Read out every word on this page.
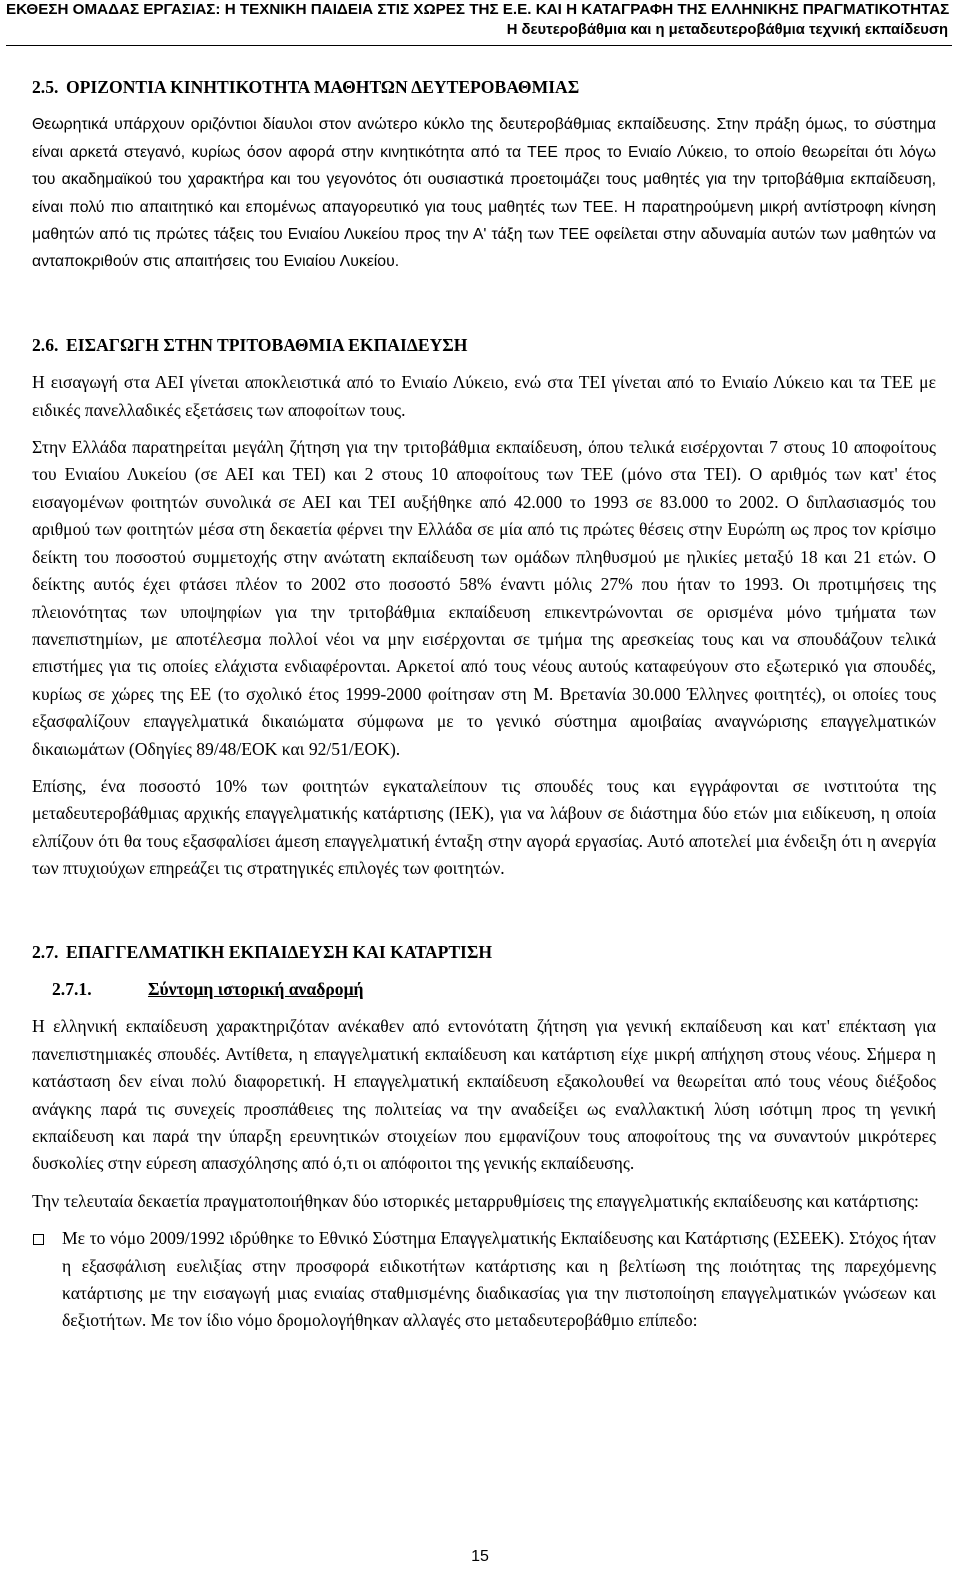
ΕΚΘΕΣΗ ΟΜΑΔΑΣ ΕΡΓΑΣΙΑΣ: Η ΤΕΧΝΙΚΗ ΠΑΙΔΕΙΑ ΣΤΙΣ ΧΩΡΕΣ ΤΗΣ Ε.Ε. ΚΑΙ Η ΚΑΤΑΓΡΑΦΗ ΤΗΣ ΕΛΛΗΝΙΚΗΣ ΠΡΑΓΜΑΤΙΚΟΤΗΤΑΣ
Η δευτεροβάθμια και η μεταδευτεροβάθμια τεχνική εκπαίδευση
2.5. ΟΡΙΖΟΝΤΙΑ ΚΙΝΗΤΙΚΟΤΗΤΑ ΜΑΘΗΤΩΝ ΔΕΥΤΕΡΟΒΑΘΜΙΑΣ

Θεωρητικά υπάρχουν οριζόντιοι δίαυλοι στον ανώτερο κύκλο της δευτεροβάθμιας εκπαίδευσης. Στην πράξη όμως, το σύστημα είναι αρκετά στεγανό, κυρίως όσον αφορά στην κινητικότητα από τα ΤΕΕ προς το Ενιαίο Λύκειο, το οποίο θεωρείται ότι λόγω του ακαδημαϊκού του χαρακτήρα και του γεγονότος ότι ουσιαστικά προετοιμάζει τους μαθητές για την τριτοβάθμια εκπαίδευση, είναι πολύ πιο απαιτητικό και επομένως απαγορευτικό για τους μαθητές των ΤΕΕ. Η παρατηρούμενη μικρή αντίστροφη κίνηση μαθητών από τις πρώτες τάξεις του Ενιαίου Λυκείου προς την Α' τάξη των ΤΕΕ οφείλεται στην αδυναμία αυτών των μαθητών να ανταποκριθούν στις απαιτήσεις του Ενιαίου Λυκείου.

2.6. ΕΙΣΑΓΩΓΗ ΣΤΗΝ ΤΡΙΤΟΒΑΘΜΙΑ ΕΚΠΑΙΔΕΥΣΗ

Η εισαγωγή στα ΑΕΙ γίνεται αποκλειστικά από το Ενιαίο Λύκειο, ενώ στα ΤΕΙ γίνεται από το Ενιαίο Λύκειο και τα ΤΕΕ με ειδικές πανελλαδικές εξετάσεις των αποφοίτων τους.

Στην Ελλάδα παρατηρείται μεγάλη ζήτηση για την τριτοβάθμια εκπαίδευση, όπου τελικά εισέρχονται 7 στους 10 αποφοίτους του Ενιαίου Λυκείου (σε ΑΕΙ και ΤΕΙ) και 2 στους 10 αποφοίτους των ΤΕΕ (μόνο στα ΤΕΙ). Ο αριθμός των κατ' έτος εισαγομένων φοιτητών συνολικά σε ΑΕΙ και ΤΕΙ αυξήθηκε από 42.000 το 1993 σε 83.000 το 2002. Ο διπλασιασμός του αριθμού των φοιτητών μέσα στη δεκαετία φέρνει την Ελλάδα σε μία από τις πρώτες θέσεις στην Ευρώπη ως προς τον κρίσιμο δείκτη του ποσοστού συμμετοχής στην ανώτατη εκπαίδευση των ομάδων πληθυσμού με ηλικίες μεταξύ 18 και 21 ετών. Ο δείκτης αυτός έχει φτάσει πλέον το 2002 στο ποσοστό 58% έναντι μόλις 27% που ήταν το 1993. Οι προτιμήσεις της πλειονότητας των υποψηφίων για την τριτοβάθμια εκπαίδευση επικεντρώνονται σε ορισμένα μόνο τμήματα των πανεπιστημίων, με αποτέλεσμα πολλοί νέοι να μην εισέρχονται σε τμήμα της αρεσκείας τους και να σπουδάζουν τελικά επιστήμες για τις οποίες ελάχιστα ενδιαφέρονται. Αρκετοί από τους νέους αυτούς καταφεύγουν στο εξωτερικό για σπουδές, κυρίως σε χώρες της ΕΕ (το σχολικό έτος 1999-2000 φοίτησαν στη Μ. Βρετανία 30.000 Έλληνες φοιτητές), οι οποίες τους εξασφαλίζουν επαγγελματικά δικαιώματα σύμφωνα με το γενικό σύστημα αμοιβαίας αναγνώρισης επαγγελματικών δικαιωμάτων (Οδηγίες 89/48/ΕΟΚ και 92/51/ΕΟΚ).

Επίσης, ένα ποσοστό 10% των φοιτητών εγκαταλείπουν τις σπουδές τους και εγγράφονται σε ινστιτούτα της μεταδευτεροβάθμιας αρχικής επαγγελματικής κατάρτισης (ΙΕΚ), για να λάβουν σε διάστημα δύο ετών μια ειδίκευση, η οποία ελπίζουν ότι θα τους εξασφαλίσει άμεση επαγγελματική ένταξη στην αγορά εργασίας. Αυτό αποτελεί μια ένδειξη ότι η ανεργία των πτυχιούχων επηρεάζει τις στρατηγικές επιλογές των φοιτητών.

2.7. ΕΠΑΓΓΕΛΜΑΤΙΚΗ ΕΚΠΑΙΔΕΥΣΗ ΚΑΙ ΚΑΤΑΡΤΙΣΗ
2.7.1.	Σύντομη ιστορική αναδρομή

Η ελληνική εκπαίδευση χαρακτηριζόταν ανέκαθεν από εντονότατη ζήτηση για γενική εκπαίδευση και κατ' επέκταση για πανεπιστημιακές σπουδές. Αντίθετα, η επαγγελματική εκπαίδευση και κατάρτιση είχε μικρή απήχηση στους νέους. Σήμερα η κατάσταση δεν είναι πολύ διαφορετική. Η επαγγελματική εκπαίδευση εξακολουθεί να θεωρείται από τους νέους διέξοδος ανάγκης παρά τις συνεχείς προσπάθειες της πολιτείας να την αναδείξει ως εναλλακτική λύση ισότιμη προς τη γενική εκπαίδευση και παρά την ύπαρξη ερευνητικών στοιχείων που εμφανίζουν τους αποφοίτους της να συναντούν μικρότερες δυσκολίες στην εύρεση απασχόλησης από ό,τι οι απόφοιτοι της γενικής εκπαίδευσης.

Την τελευταία δεκαετία πραγματοποιήθηκαν δύο ιστορικές μεταρρυθμίσεις της επαγγελματικής εκπαίδευσης και κατάρτισης:

Με το νόμο 2009/1992 ιδρύθηκε το Εθνικό Σύστημα Επαγγελματικής Εκπαίδευσης και Κατάρτισης (ΕΣΕΕΚ). Στόχος ήταν η εξασφάλιση ευελιξίας στην προσφορά ειδικοτήτων κατάρτισης και η βελτίωση της ποιότητας της παρεχόμενης κατάρτισης με την εισαγωγή μιας ενιαίας σταθμισμένης διαδικασίας για την πιστοποίηση επαγγελματικών γνώσεων και δεξιοτήτων. Με τον ίδιο νόμο δρομολογήθηκαν αλλαγές στο μεταδευτεροβάθμιο επίπεδο:
15
